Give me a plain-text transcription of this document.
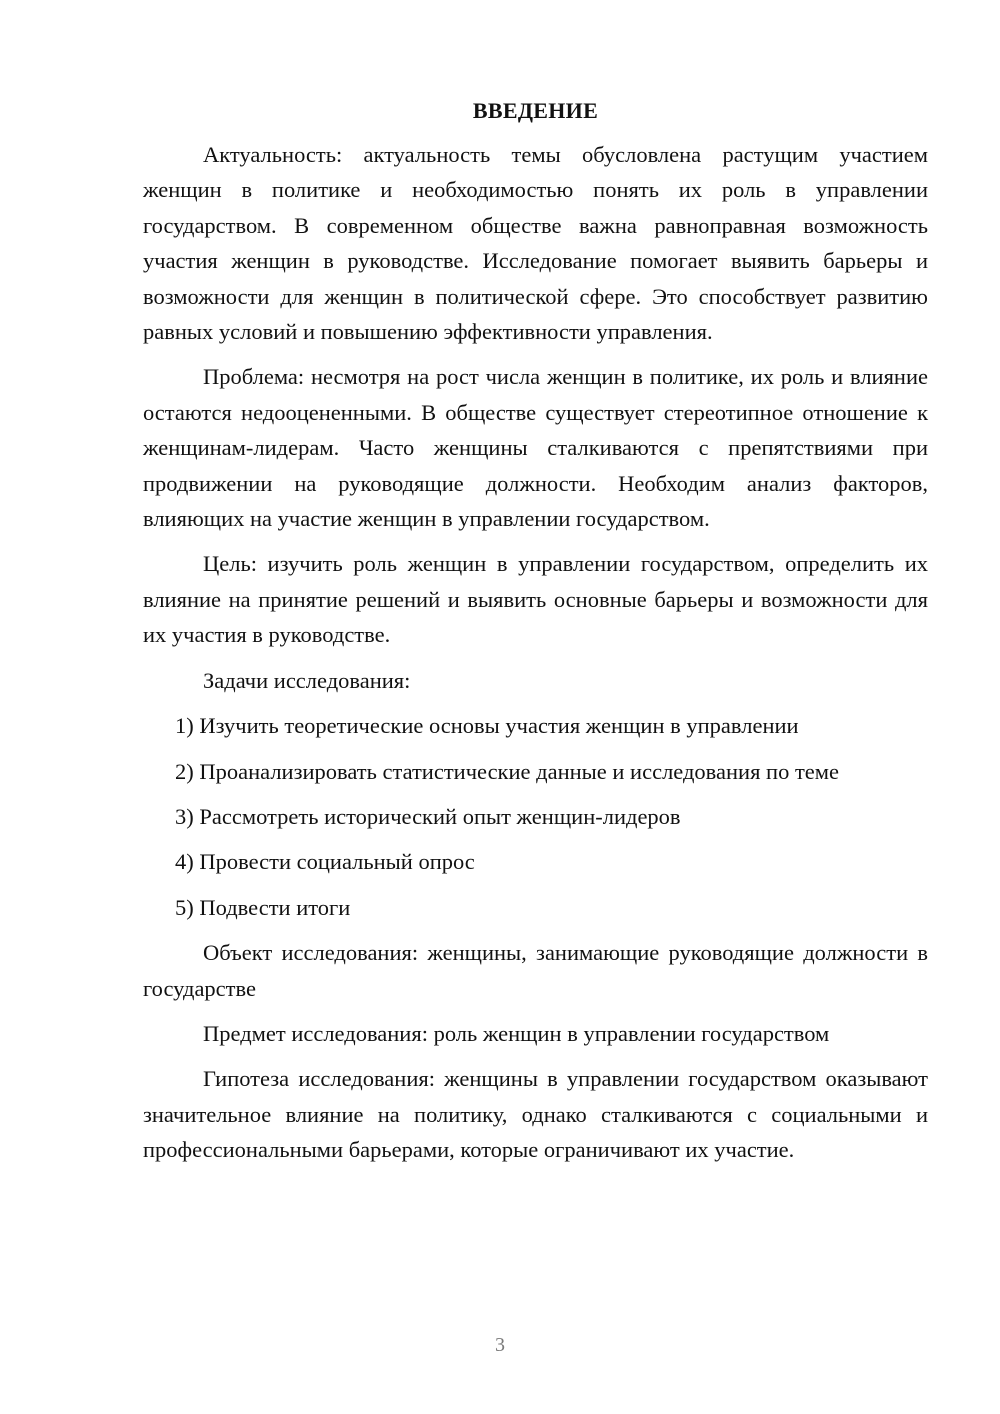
ВВЕДЕНИЕ

Актуальность: актуальность темы обусловлена растущим участием женщин в политике и необходимостью понять их роль в управлении государством. В современном обществе важна равноправная возможность участия женщин в руководстве. Исследование помогает выявить барьеры и возможности для женщин в политической сфере. Это способствует развитию равных условий и повышению эффективности управления.

Проблема: несмотря на рост числа женщин в политике, их роль и влияние остаются недооцененными. В обществе существует стереотипное отношение к женщинам-лидерам. Часто женщины сталкиваются с препятствиями при продвижении на руководящие должности. Необходим анализ факторов, влияющих на участие женщин в управлении государством.

Цель: изучить роль женщин в управлении государством, определить их влияние на принятие решений и выявить основные барьеры и возможности для их участия в руководстве.

Задачи исследования:

1) Изучить теоретические основы участия женщин в управлении
2) Проанализировать статистические данные и исследования по теме
3) Рассмотреть исторический опыт женщин-лидеров
4) Провести социальный опрос
5) Подвести итоги

Объект исследования: женщины, занимающие руководящие должности в государстве

Предмет исследования: роль женщин в управлении государством

Гипотеза исследования: женщины в управлении государством оказывают значительное влияние на политику, однако сталкиваются с социальными и профессиональными барьерами, которые ограничивают их участие.

3
